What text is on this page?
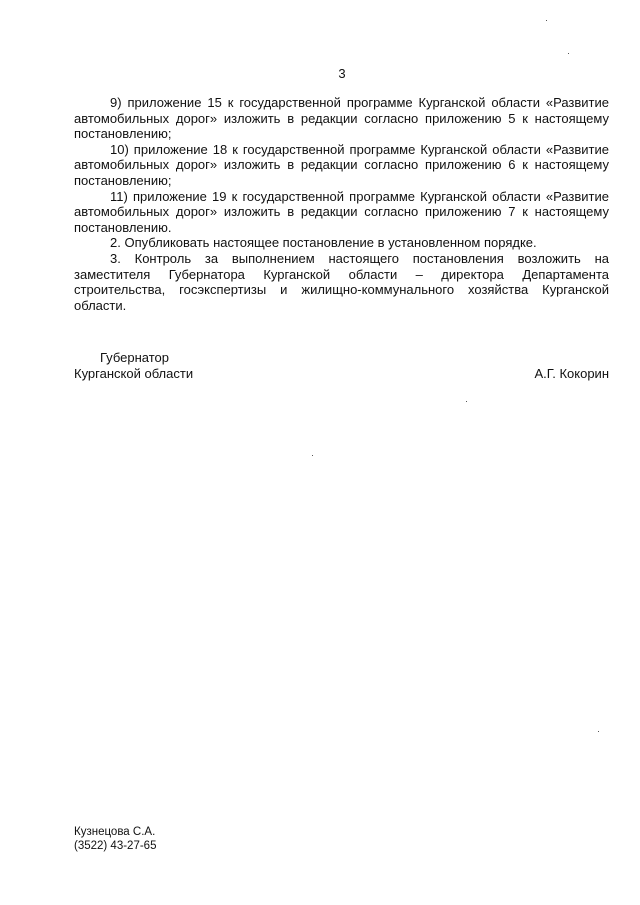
3

9) приложение 15 к государственной программе Курганской области «Развитие автомобильных дорог» изложить в редакции согласно приложению 5 к настоящему постановлению;

10) приложение 18 к государственной программе Курганской области «Развитие автомобильных дорог» изложить в редакции согласно приложению 6 к настоящему постановлению;

11) приложение 19 к государственной программе Курганской области «Развитие автомобильных дорог» изложить в редакции согласно приложению 7 к настоящему постановлению.

2. Опубликовать настоящее постановление в установленном порядке.

3. Контроль за выполнением настоящего постановления возложить на заместителя Губернатора Курганской области – директора Департамента строительства, госэкспертизы и жилищно-коммунального хозяйства Курганской области.

Губернатор
Курганской области	А.Г. Кокорин
Кузнецова С.А.
(3522) 43-27-65
